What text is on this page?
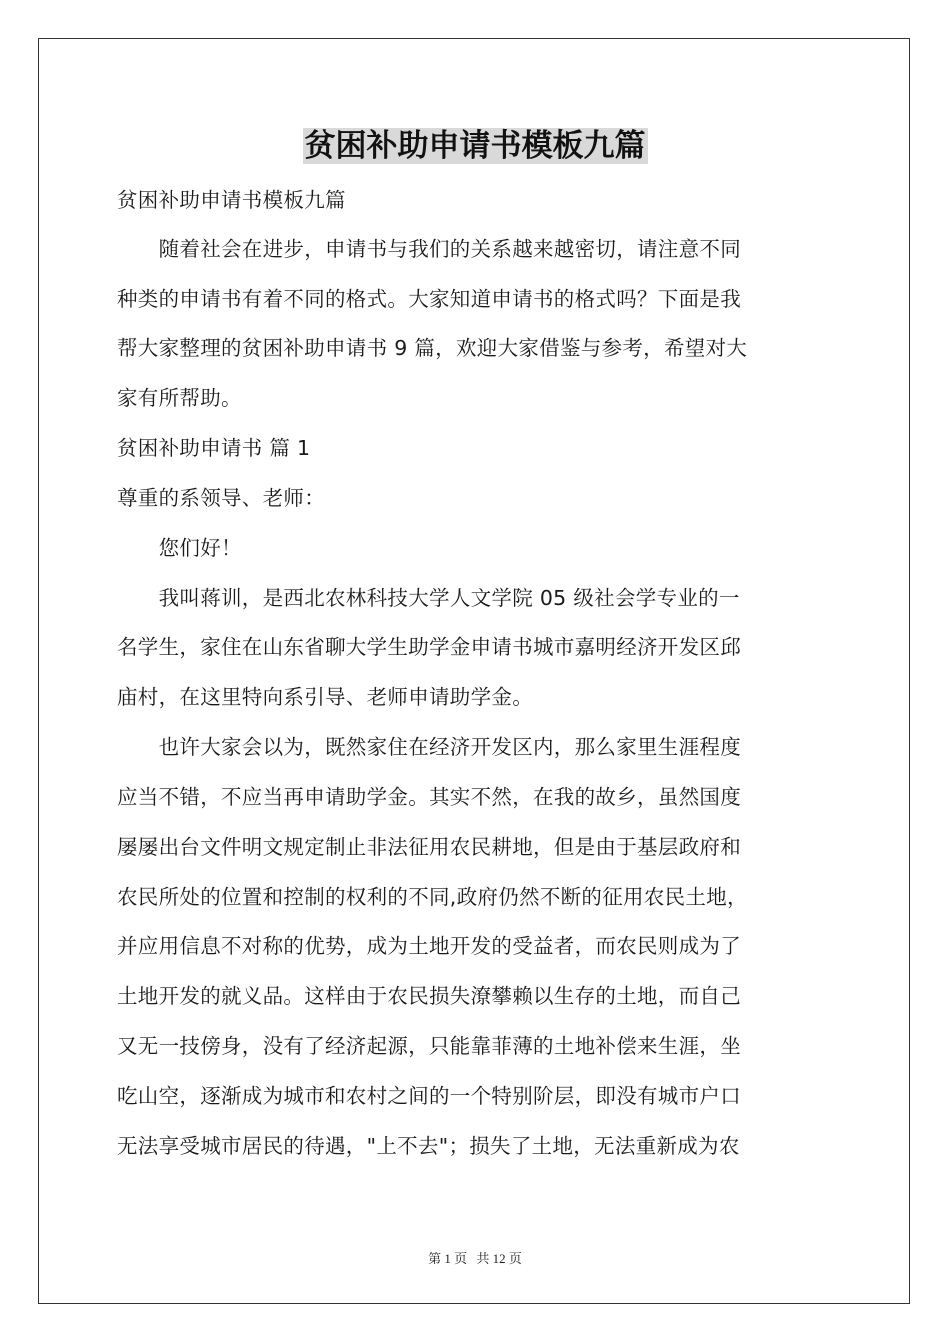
贫困补助申请书模板九篇
贫困补助申请书模板九篇
　　随着社会在进步，申请书与我们的关系越来越密切，请注意不同
种类的申请书有着不同的格式。大家知道申请书的格式吗？下面是我
帮大家整理的贫困补助申请书 9 篇，欢迎大家借鉴与参考，希望对大
家有所帮助。
贫困补助申请书 篇 1
尊重的系领导、老师：
　　您们好！
　　我叫蒋训，是西北农林科技大学人文学院 05 级社会学专业的一
名学生，家住在山东省聊大学生助学金申请书城市嘉明经济开发区邱
庙村，在这里特向系引导、老师申请助学金。
　　也许大家会以为，既然家住在经济开发区内，那么家里生涯程度
应当不错，不应当再申请助学金。其实不然，在我的故乡，虽然国度
屡屡出台文件明文规定制止非法征用农民耕地，但是由于基层政府和
农民所处的位置和控制的权利的不同,政府仍然不断的征用农民土地，
并应用信息不对称的优势，成为土地开发的受益者，而农民则成为了
土地开发的就义品。这样由于农民损失潦攀赖以生存的土地，而自己
又无一技傍身，没有了经济起源，只能靠菲薄的土地补偿来生涯，坐
吃山空，逐渐成为城市和农村之间的一个特别阶层，即没有城市户口
无法享受城市居民的待遇，"上不去"；损失了土地，无法重新成为农
第 1 页 共 12 页
